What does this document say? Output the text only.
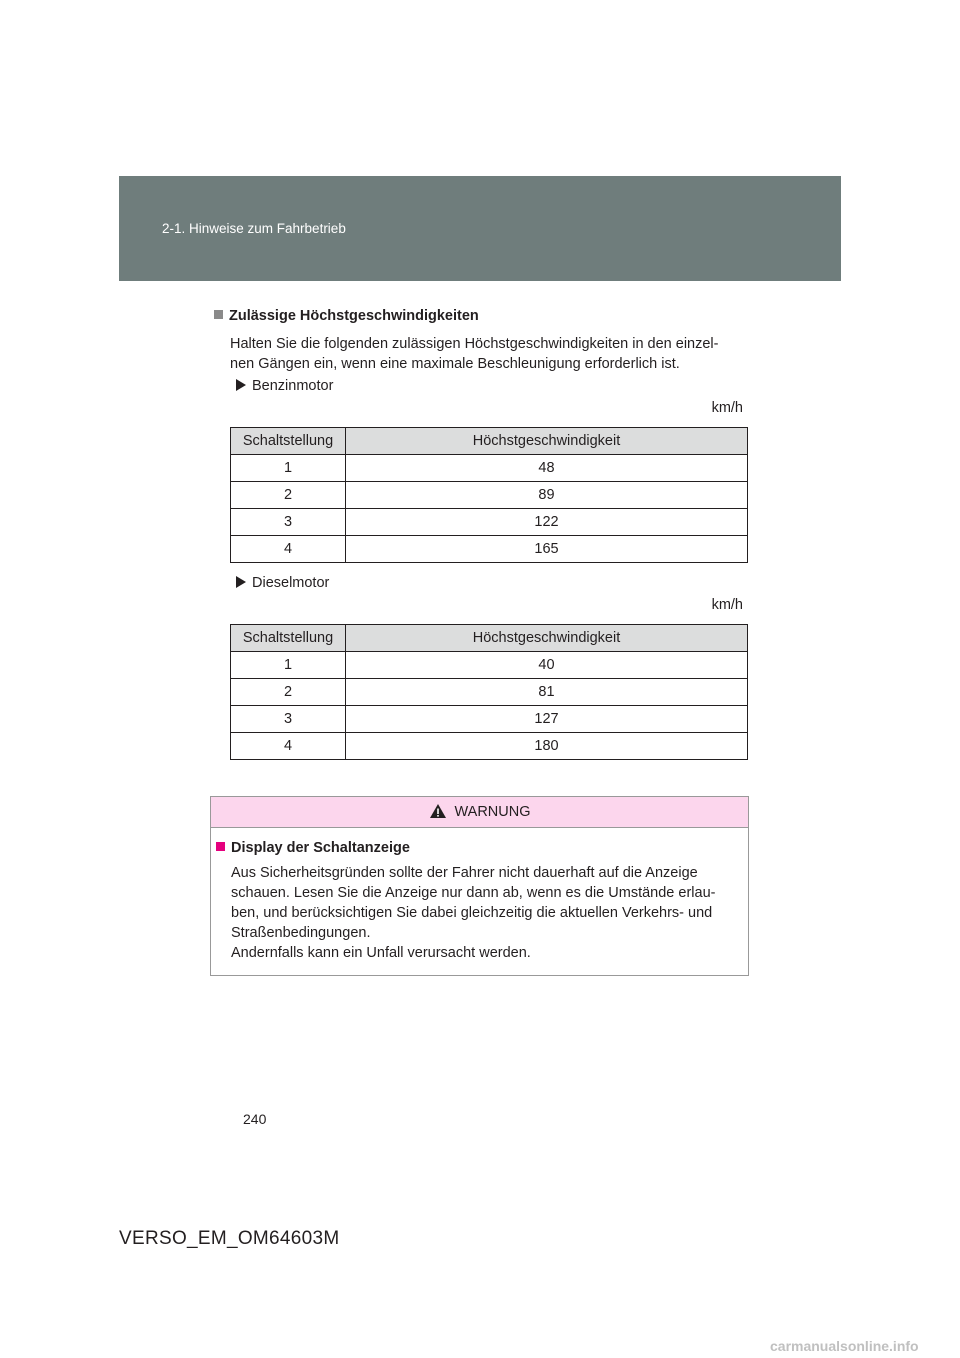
2-1. Hinweise zum Fahrbetrieb
Zulässige Höchstgeschwindigkeiten
Halten Sie die folgenden zulässigen Höchstgeschwindigkeiten in den einzel-
nen Gängen ein, wenn eine maximale Beschleunigung erforderlich ist.
Benzinmotor
km/h
Schaltstellung	Höchstgeschwindigkeit
1	48
2	89
3	122
4	165
Dieselmotor
km/h
Schaltstellung	Höchstgeschwindigkeit
1	40
2	81
3	127
4	180
WARNUNG
Display der Schaltanzeige
Aus Sicherheitsgründen sollte der Fahrer nicht dauerhaft auf die Anzeige
schauen. Lesen Sie die Anzeige nur dann ab, wenn es die Umstände erlau-
ben, und berücksichtigen Sie dabei gleichzeitig die aktuellen Verkehrs- und
Straßenbedingungen.
Andernfalls kann ein Unfall verursacht werden.
240
VERSO_EM_OM64603M
carmanualsonline.info
